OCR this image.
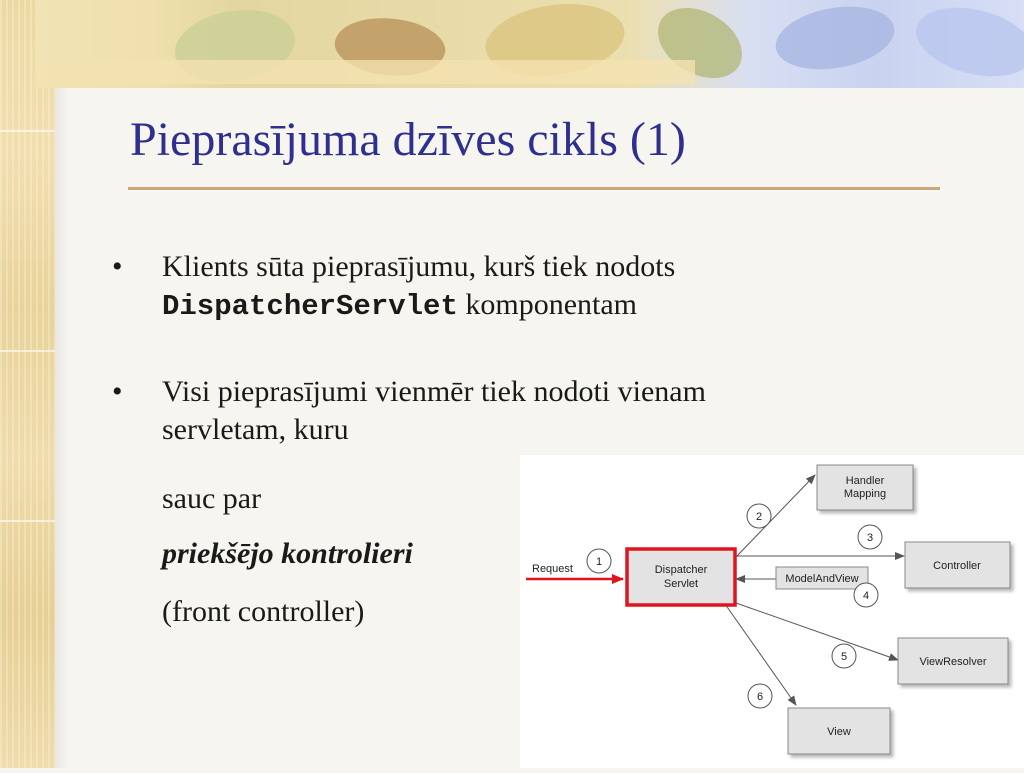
Pieprasījuma dzīves cikls (1)
•	Klients sūta pieprasījumu, kurš tiek nodots
DispatcherServlet komponentam
•	Visi pieprasījumi vienmēr tiek nodoti vienam
servletam, kuru
sauc par
priekšējo kontrolieri
(front controller)
Request	Dispatcher
Servlet
Handler
Mapping
Controller
ModelAndView
ViewResolver
View
1
2
3
4
5
6
